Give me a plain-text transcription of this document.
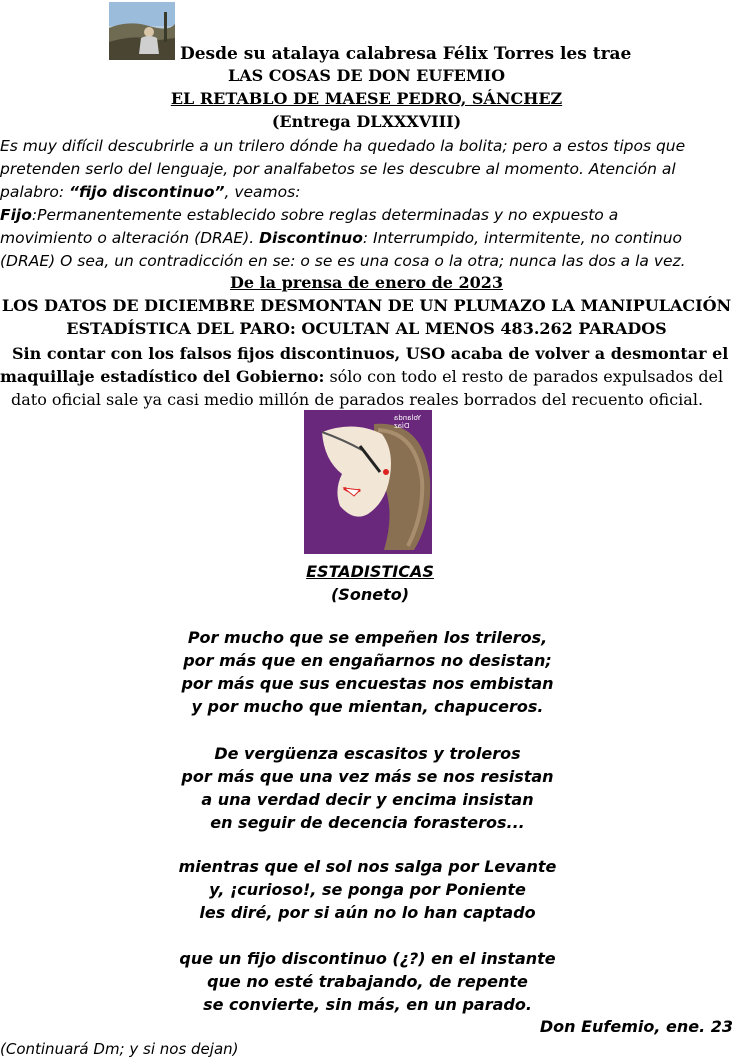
Desde su atalaya calabresa Félix Torres les trae
LAS COSAS DE DON EUFEMIO
EL RETABLO DE MAESE PEDRO, SÁNCHEZ
(Entrega DLXXXVIII)
Es muy difícil descubrirle a un trilero dónde ha quedado la bolita; pero a estos tipos que
pretenden serlo del lenguaje, por analfabetos se les descubre al momento. Atención al
palabro: “fijo discontinuo”, veamos:
Fijo:Permanentemente establecido sobre reglas determinadas y no expuesto a
movimiento o alteración (DRAE). Discontinuo: Interrumpido, intermitente, no continuo
(DRAE) O sea, un contradicción en se: o se es una cosa o la otra; nunca las dos a la vez.
De la prensa de enero de 2023
LOS DATOS DE DICIEMBRE DESMONTAN DE UN PLUMAZO LA MANIPULACIÓN
ESTADÍSTICA DEL PARO: OCULTAN AL MENOS 483.262 PARADOS
Sin contar con los falsos fijos discontinuos, USO acaba de volver a desmontar el
maquillaje estadístico del Gobierno: sólo con todo el resto de parados expulsados del
dato oficial sale ya casi medio millón de parados reales borrados del recuento oficial.
Yolanda Díaz
ESTADISTICAS
(Soneto)
Por mucho que se empeñen los trileros,
por más que en engañarnos no desistan;
por más que sus encuestas nos embistan
y por mucho que mientan, chapuceros.
De vergüenza escasitos y troleros
por más que una vez más se nos resistan
a una verdad decir y encima insistan
en seguir de decencia forasteros...
mientras que el sol nos salga por Levante
y, ¡curioso!, se ponga por Poniente
les diré, por si aún no lo han captado
que un fijo discontinuo (¿?) en el instante
que no esté trabajando, de repente
se convierte, sin más, en un parado.
Don Eufemio, ene. 23
(Continuará Dm; y si nos dejan)
